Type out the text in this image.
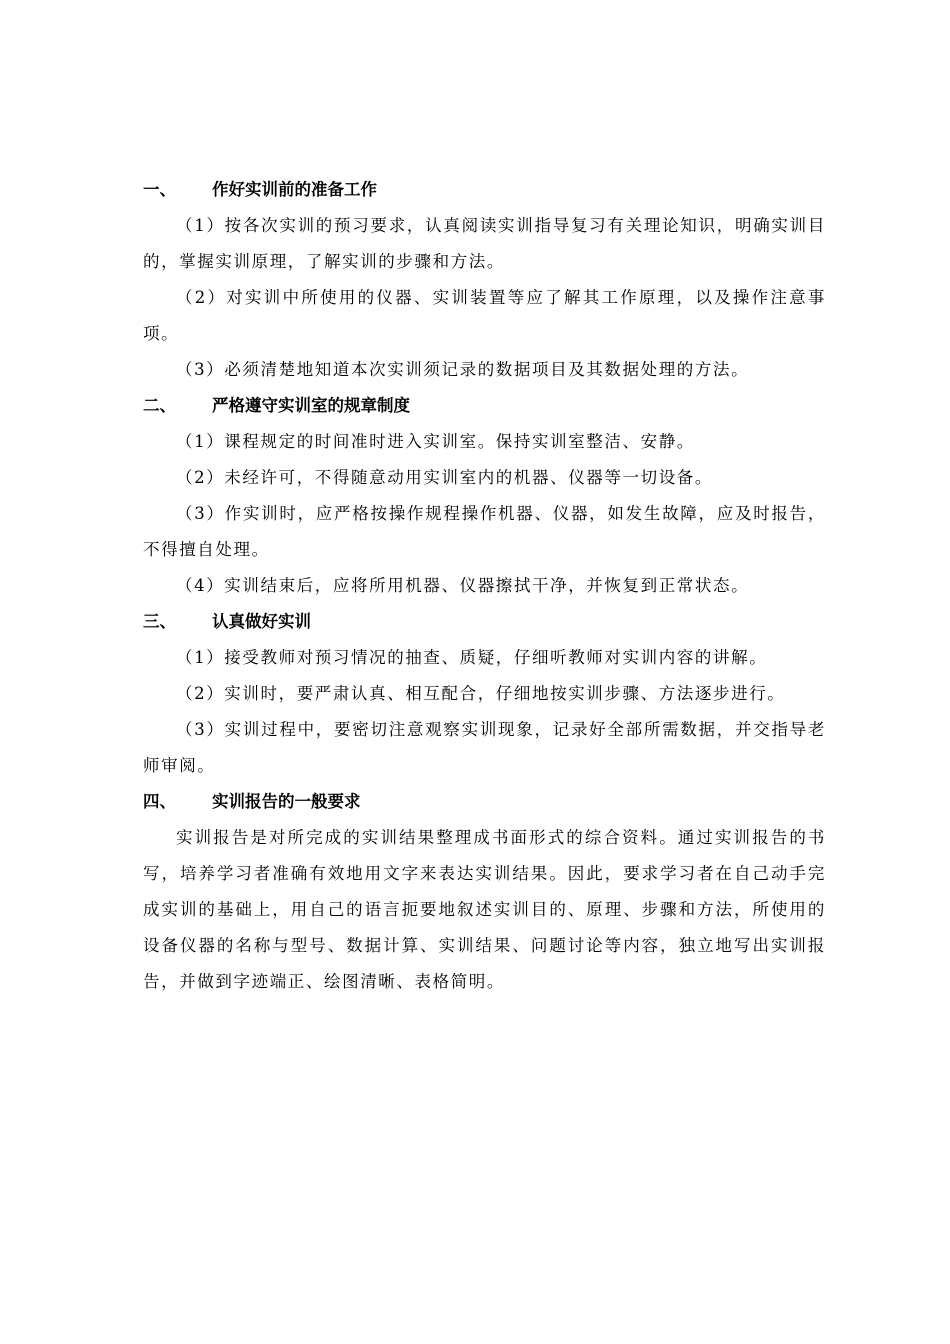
一、 作好实训前的准备工作

（1）按各次实训的预习要求，认真阅读实训指导复习有关理论知识，明确实训目的，掌握实训原理，了解实训的步骤和方法。

（2）对实训中所使用的仪器、实训装置等应了解其工作原理，以及操作注意事项。

（3）必须清楚地知道本次实训须记录的数据项目及其数据处理的方法。

二、 严格遵守实训室的规章制度

（1）课程规定的时间准时进入实训室。保持实训室整洁、安静。

（2）未经许可，不得随意动用实训室内的机器、仪器等一切设备。

（3）作实训时，应严格按操作规程操作机器、仪器，如发生故障，应及时报告，不得擅自处理。

（4）实训结束后，应将所用机器、仪器擦拭干净，并恢复到正常状态。

三、 认真做好实训

（1）接受教师对预习情况的抽查、质疑，仔细听教师对实训内容的讲解。

（2）实训时，要严肃认真、相互配合，仔细地按实训步骤、方法逐步进行。

（3）实训过程中，要密切注意观察实训现象，记录好全部所需数据，并交指导老师审阅。

四、 实训报告的一般要求

实训报告是对所完成的实训结果整理成书面形式的综合资料。通过实训报告的书写，培养学习者准确有效地用文字来表达实训结果。因此，要求学习者在自己动手完成实训的基础上，用自己的语言扼要地叙述实训目的、原理、步骤和方法，所使用的设备仪器的名称与型号、数据计算、实训结果、问题讨论等内容，独立地写出实训报告，并做到字迹端正、绘图清晰、表格简明。
